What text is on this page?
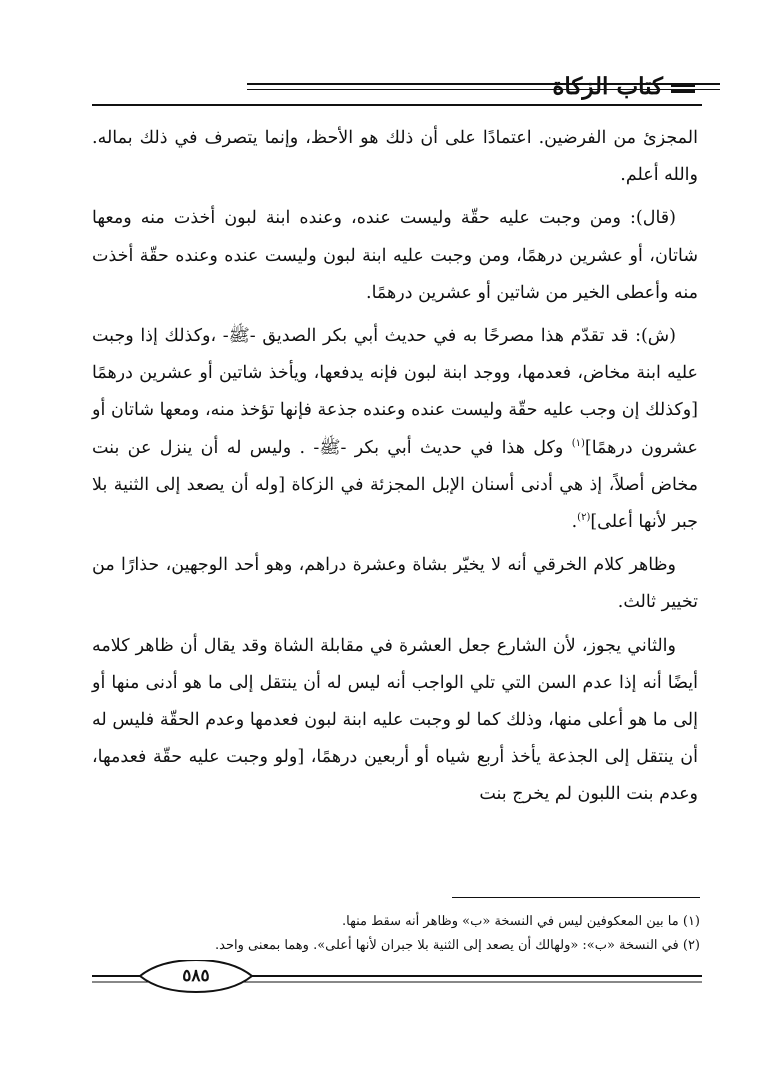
كتاب الزكاة

المجزئ من الفرضين. اعتمادًا على أن ذلك هو الأحظ، وإنما يتصرف في ذلك بماله. والله أعلم.

(قال): ومن وجبت عليه حقّة وليست عنده، وعنده ابنة لبون أخذت منه ومعها شاتان، أو عشرين درهمًا، ومن وجبت عليه ابنة لبون وليست عنده وعنده حقّة أخذت منه وأعطى الخير من شاتين أو عشرين درهمًا.

(ش): قد تقدّم هذا مصرحًا به في حديث أبي بكر الصديق -ﷺ- ،وكذلك إذا وجبت عليه ابنة مخاض، فعدمها، ووجد ابنة لبون فإنه يدفعها، ويأخذ شاتين أو عشرين درهمًا [وكذلك إن وجب عليه حقّة وليست عنده وعنده جذعة فإنها تؤخذ منه، ومعها شاتان أو عشرون درهمًا]$^{(١)}$ وكل هذا في حديث أبي بكر -ﷺ- . وليس له أن ينزل عن بنت مخاض أصلاً، إذ هي أدنى أسنان الإبل المجزئة في الزكاة [وله أن يصعد إلى الثنية بلا جبر لأنها أعلى]$^{(٢)}$.

وظاهر كلام الخرقي أنه لا يخيّر بشاة وعشرة دراهم، وهو أحد الوجهين، حذارًا من تخيير ثالث.

والثاني يجوز، لأن الشارع جعل العشرة في مقابلة الشاة وقد يقال أن ظاهر كلامه أيضًا أنه إذا عدم السن التي تلي الواجب أنه ليس له أن ينتقل إلى ما هو أدنى منها أو إلى ما هو أعلى منها، وذلك كما لو وجبت عليه ابنة لبون فعدمها وعدم الحقّة فليس له أن ينتقل إلى الجذعة يأخذ أربع شياه أو أربعين درهمًا، [ولو وجبت عليه حقّة فعدمها، وعدم بنت اللبون لم يخرج بنت

(١) ما بين المعكوفين ليس في النسخة «ب» وظاهر أنه سقط منها.

(٢) في النسخة «ب»: «ولهالك أن يصعد إلى الثنية بلا جبران لأنها أعلى». وهما بمعنى واحد.

٥٨٥
